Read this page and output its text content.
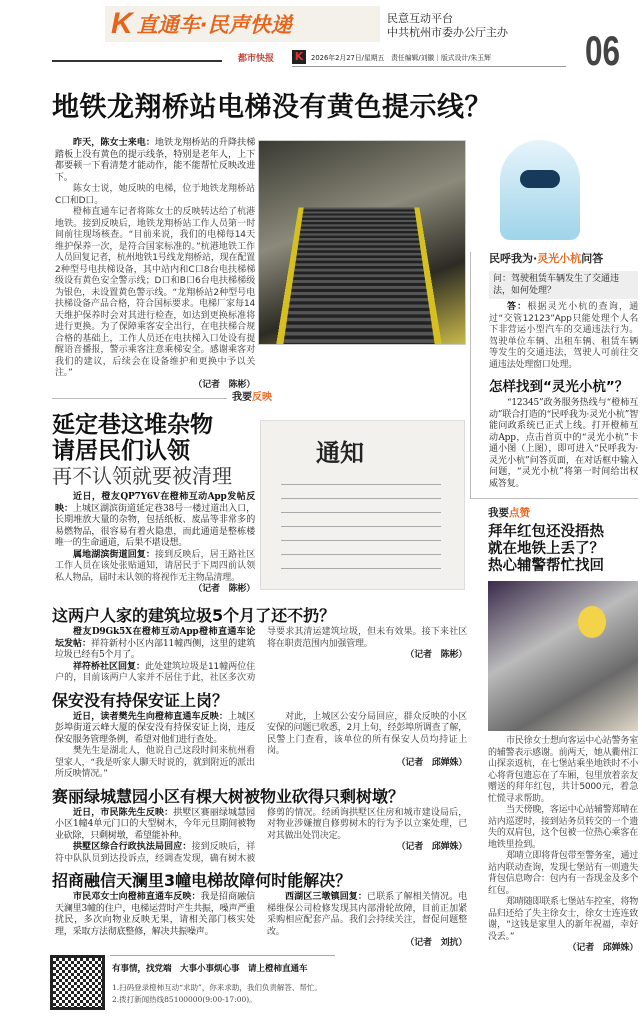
K 直通车·民声快递	民意互动平台
中共杭州市委办公厅主办 06
都市快报 K	2026年2月27日/星期五　责任编辑/刘徽｜版式设计/朱玉辉
地铁龙翔桥站电梯没有黄色提示线？

昨天，陈女士来电：地铁龙翔桥站的升降扶梯踏板上没有黄色的提示线条，特别是老年人，上下都要顿一下看清楚才能动作，能不能帮忙反映改进下。

陈女士说，她反映的电梯，位于地铁龙翔桥站C口和D口。

橙柿直通车记者将陈女士的反映转达给了杭港地铁。接到反映后，地铁龙翔桥站工作人员第一时间前往现场核查。“目前来说，我们的电梯每14天维护保养一次，是符合国家标准的。”杭港地铁工作人员回复记者，杭州地铁1号线龙翔桥站，现在配置2种型号电扶梯设备，其中站内和C口8台电扶梯梯级设有黄色安全警示线；D口和B口6台电扶梯梯级为银色，未设置黄色警示线。“龙翔桥站2种型号电扶梯设备产品合格，符合国标要求。电梯厂家每14天维护保养时会对其进行检查，如达到更换标准将进行更换。为了保障乘客安全出行，在电扶梯合规合格的基础上，工作人员还在电扶梯入口处设有提醒语音播报，警示乘客注意乘梯安全。感谢乘客对我们的建议，后续会在设备维护和更换中予以关注。”

（记者　陈彬）
民呼我为·灵光小杭问答
问：驾驶租赁车辆发生了交通违法，如何处理？

答：根据灵光小杭的查询，通过“交管12123”App只能处理个人名下非营运小型汽车的交通违法行为。驾驶单位车辆、出租车辆、租赁车辆等发生的交通违法，驾驶人可前往交通违法处理窗口处理。

怎样找到“灵光小杭”？

“12345”政务服务热线与“橙柿互动”联合打造的“民呼我为·灵光小杭”智能问政系统已正式上线。打开橙柿互动App，点击首页中的“灵光小杭”卡通小图（上图），即可进入“民呼我为·灵光小杭”问答页面，在对话框中输入问题，“灵光小杭”将第一时间给出权威答复。

我要点赞
拜年红包还没捂热
就在地铁上丢了？
热心辅警帮忙找回

市民徐女士想向客运中心站警务室的辅警表示感谢。前两天，她从衢州江山探亲返杭，在七堡站乘坐地铁时不小心将背包遗忘在了车厢，包里放着亲友赠送的拜年红包，共计5000元，着急忙慌寻求帮助。

当天傍晚，客运中心站辅警郑晴在站内巡逻时，接到站务员转交的一个遗失的双肩包，这个包被一位热心乘客在地铁里捡到。

郑晴立即将背包带至警务室，通过站内联动查询，发现七堡站有一则遗失背包信息吻合：包内有一沓现金及多个红包。

郑晴随即联系七堡站车控室，将物品归还给了失主徐女士，徐女士连连致谢，“这钱是家里人的新年祝福，幸好没丢。”

（记者　邱婵姝）
我要反映
延定巷这堆杂物
请居民们认领
再不认领就要被清理

近日，橙友QP7Y6V在橙柿互动App发帖反映：上城区湖滨街道延定巷38号一楼过道出入口，长期堆放大量的杂物，包括纸板、废品等非常多的易燃物品，很容易有着火隐患，而此通道是整栋楼唯一的生命通道，后果不堪设想。

属地湖滨街道回复：接到反映后，居王路社区工作人员在该处张贴通知，请居民于下周四前认领私人物品，届时未认领的将视作无主物品清理。

（记者　陈彬）
通知
这两户人家的建筑垃圾5个月了还不扔？

橙友D9Gk5X在橙柿互动App橙柿直通车论坛发帖：祥符新村小区内部11幢西侧，这里的建筑垃圾已经有5个月了。

祥符桥社区回复：此处建筑垃圾是11幢两位住户的，目前该两户人家并不居住于此，社区多次劝导要求其清运建筑垃圾，但未有效果。接下来社区将在职责范围内加强管理。

（记者　陈彬）
保安没有持保安证上岗？

近日，读者樊先生向橙柿直通车反映：上城区彭埠街道云峰大厦的保安没有持保安证上岗，违反保安服务管理条例，希望对他们进行查处。

樊先生是湖北人，他说自己这段时间来杭州看望家人，“我是听家人聊天时说的，就到附近的派出所反映情况。”

对此，上城区公安分局回应，群众反映的小区安保的问题已收悉，2月上旬，经彭埠所调查了解，民警上门查看，该单位的所有保安人员均持证上岗。

（记者　邱婵姝）
赛丽绿城慧园小区有棵大树被物业砍得只剩树墩？

近日，市民陈先生反映：拱墅区赛丽绿城慧园小区1幢4单元门口的大型树木，今年元旦期间被物业砍除，只剩树墩，希望能补种。

拱墅区综合行政执法局回应：接到反映后，祥符中队队员到达投诉点，经调查发现，确有树木被修剪的情况。经函询拱墅区住房和城市建设局后，对物业涉嫌擅自修剪树木的行为予以立案处理，已对其做出处罚决定。

（记者　邱婵姝）
招商融信天澜里3幢电梯故障何时能解决？

市民邓女士向橙柿直通车反映：我是招商融信天澜里3幢的住户，电梯运营时产生共振，噪声严重扰民，多次向物业反映无果，请相关部门核实处理，采取方法彻底整修，解决共振噪声。

西湖区三墩镇回复：已联系了解相关情况。电梯维保公司检修发现其内部滑轮故障，目前正加紧采购相应配套产品。我们会持续关注，督促问题整改。

（记者　刘抗）
有事情，找党端　大事小事烦心事　请上橙柿直通车
1.扫码登录橙柿互动“求助”，你来求助，我们负责解答、帮忙。
2.拨打新闻热线85100000(9:00-17:00)。
